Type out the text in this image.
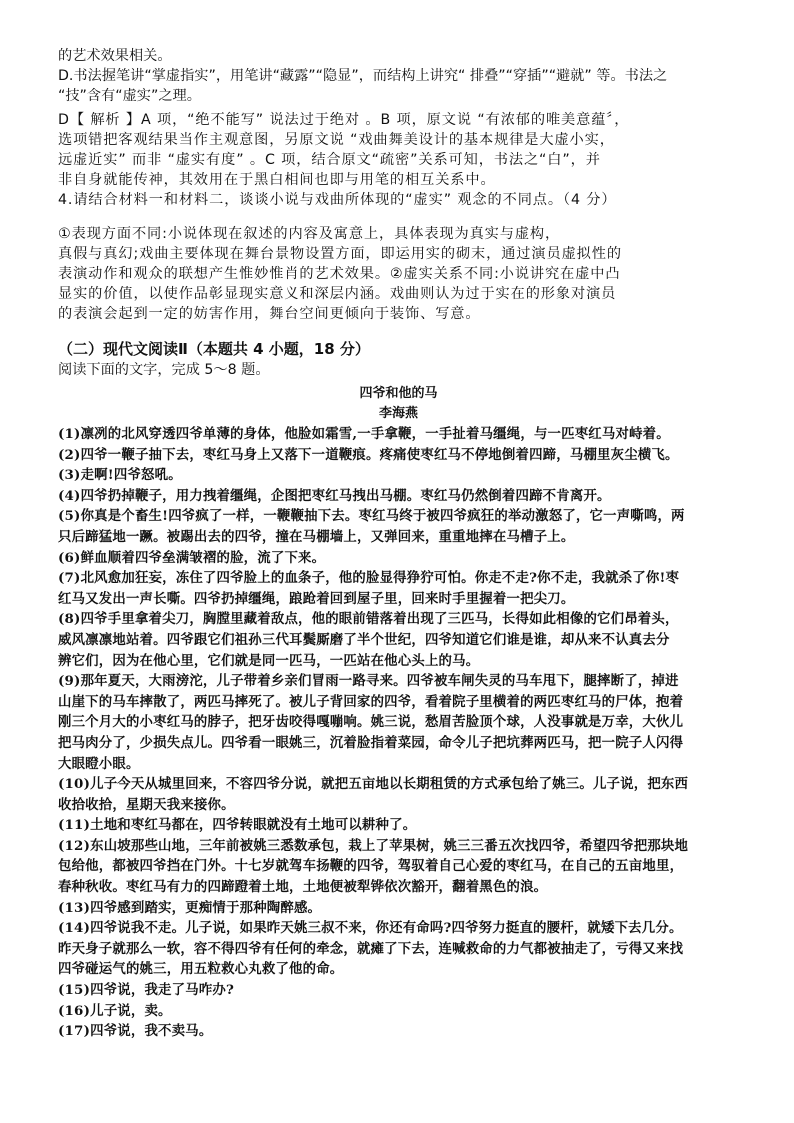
的艺术效果相关。
D.书法握笔讲“掌虚指实”，用笔讲“藏露”“隐显”，而结构上讲究“ 排叠”“穿插”“避就” 等。书法之
“技”含有“虚实”之理。
D【 解析 】A 项，“绝不能写” 说法过于绝对 。B 项，原文说 “有浓郁的唯美意蕴〞，
选项错把客观结果当作主观意图，另原文说 “戏曲舞美设计的基本规律是大虚小实，
远虚近实” 而非 “虚实有度” 。C 项，结合原文“疏密”关系可知，书法之“白”，并
非自身就能传神，其效用在于黑白相间也即与用笔的相互关系中。
4.请结合材料一和材料二，谈谈小说与戏曲所体现的“虚实” 观念的不同点。（4 分）
①表现方面不同:小说体现在叙述的内容及寓意上，具体表现为真实与虚构，
真假与真幻;戏曲主要体现在舞台景物设置方面，即运用实的砌末，通过演员虚拟性的
表演动作和观众的联想产生惟妙惟肖的艺术效果。②虚实关系不同:小说讲究在虚中凸
显实的价值，以使作品彰显现实意义和深层内涵。戏曲则认为过于实在的形象对演员
的表演会起到一定的妨害作用，舞台空间更倾向于装饰、写意。
（二）现代文阅读Ⅱ（本题共 4 小题，18 分）
阅读下面的文字，完成 5～8 题。
四爷和他的马
李海燕
(1)凛冽的北风穿透四爷单薄的身体，他脸如霜雪,一手拿鞭，一手扯着马缰绳，与一匹枣红马对峙着。
(2)四爷一鞭子抽下去，枣红马身上又落下一道鞭痕。疼痛使枣红马不停地倒着四蹄，马棚里灰尘横飞。
(3)走啊!四爷怒吼。
(4)四爷扔掉鞭子，用力拽着缰绳，企图把枣红马拽出马棚。枣红马仍然倒着四蹄不肯离开。
(5)你真是个畜生!四爷疯了一样，一鞭鞭抽下去。枣红马终于被四爷疯狂的举动激怒了，它一声嘶鸣，两
只后蹄猛地一蹶。被踢出去的四爷，撞在马棚墙上，又弹回来，重重地摔在马槽子上。
(6)鲜血顺着四爷垒满皱褶的脸，流了下来。
(7)北风愈加狂妄，冻住了四爷脸上的血条子，他的脸显得狰狞可怕。你走不走?你不走，我就杀了你!枣
红马又发出一声长嘶。四爷扔掉缰绳，踉跄着回到屋子里，回来时手里握着一把尖刀。
(8)四爷手里拿着尖刀，胸膛里藏着敌点，他的眼前错落着出现了三匹马，长得如此相像的它们昂着头，
威风凛凛地站着。四爷跟它们祖孙三代耳鬓厮磨了半个世纪，四爷知道它们谁是谁，却从来不认真去分
辨它们，因为在他心里，它们就是同一匹马，一匹站在他心头上的马。
(9)那年夏天，大雨滂沱，儿子带着乡亲们冒雨一路寻来。四爷被车闸失灵的马车甩下，腿摔断了，掉进
山崖下的马车摔散了，两匹马摔死了。被儿子背回家的四爷，看着院子里横着的两匹枣红马的尸体，抱着
刚三个月大的小枣红马的脖子，把牙齿咬得嘎嘣响。姚三说，愁眉苦脸顶个球，人没事就是万幸，大伙儿
把马肉分了，少损失点儿。四爷看一眼姚三，沉着脸指着菜园，命令儿子把坑葬两匹马，把一院子人闪得
大眼瞪小眼。
(10)儿子今天从城里回来，不容四爷分说，就把五亩地以长期租赁的方式承包给了姚三。儿子说，把东西
收拾收拾，星期天我来接你。
(11)土地和枣红马都在，四爷转眼就没有土地可以耕种了。
(12)东山坡那些山地，三年前被姚三悉数承包，栽上了苹果树，姚三三番五次找四爷，希望四爷把那块地
包给他，都被四爷挡在门外。十七岁就驾车扬鞭的四爷，驾驭着自己心爱的枣红马，在自己的五亩地里，
春种秋收。枣红马有力的四蹄蹬着土地，土地便被犁铧依次豁开，翻着黑色的浪。
(13)四爷感到踏实，更痴情于那种陶醉感。
(14)四爷说我不走。儿子说，如果昨天姚三叔不来，你还有命吗?四爷努力挺直的腰杆，就矮下去几分。
昨天身子就那么一软，容不得四爷有任何的牵念，就瘫了下去，连喊救命的力气都被抽走了，亏得又来找
四爷碰运气的姚三，用五粒救心丸救了他的命。
(15)四爷说，我走了马咋办?
(16)儿子说，卖。
(17)四爷说，我不卖马。
